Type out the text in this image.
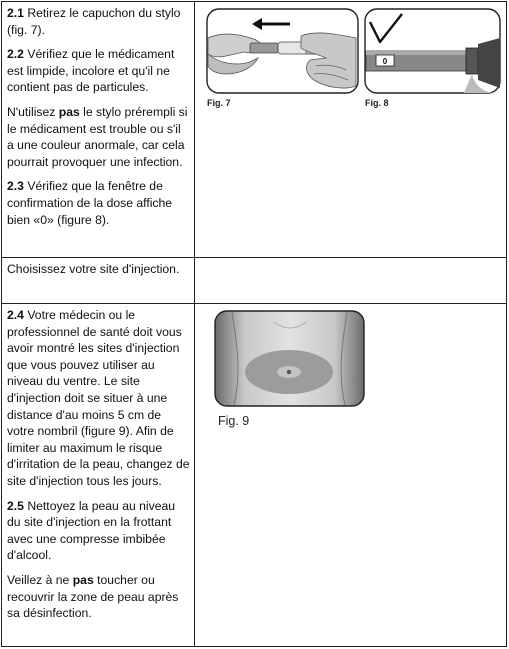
2.1 Retirez le capuchon du stylo (fig. 7).

2.2 Vérifiez que le médicament est limpide, incolore et qu'il ne contient pas de particules.

N'utilisez pas le stylo prérempli si le médicament est trouble ou s'il a une couleur anormale, car cela pourrait provoquer une infection.

2.3 Vérifiez que la fenêtre de confirmation de la dose affiche bien «0» (figure 8).

Fig. 7
0
Fig. 8

Choisissez votre site d'injection.

2.4 Votre médecin ou le professionnel de santé doit vous avoir montré les sites d'injection que vous pouvez utiliser au niveau du ventre. Le site d'injection doit se situer à une distance d'au moins 5 cm de votre nombril (figure 9). Afin de limiter au maximum le risque d'irritation de la peau, changez de site d'injection tous les jours.

2.5 Nettoyez la peau au niveau du site d'injection en la frottant avec une compresse imbibée d'alcool.

Veillez à ne pas toucher ou recouvrir la zone de peau après sa désinfection.

Fig. 9
